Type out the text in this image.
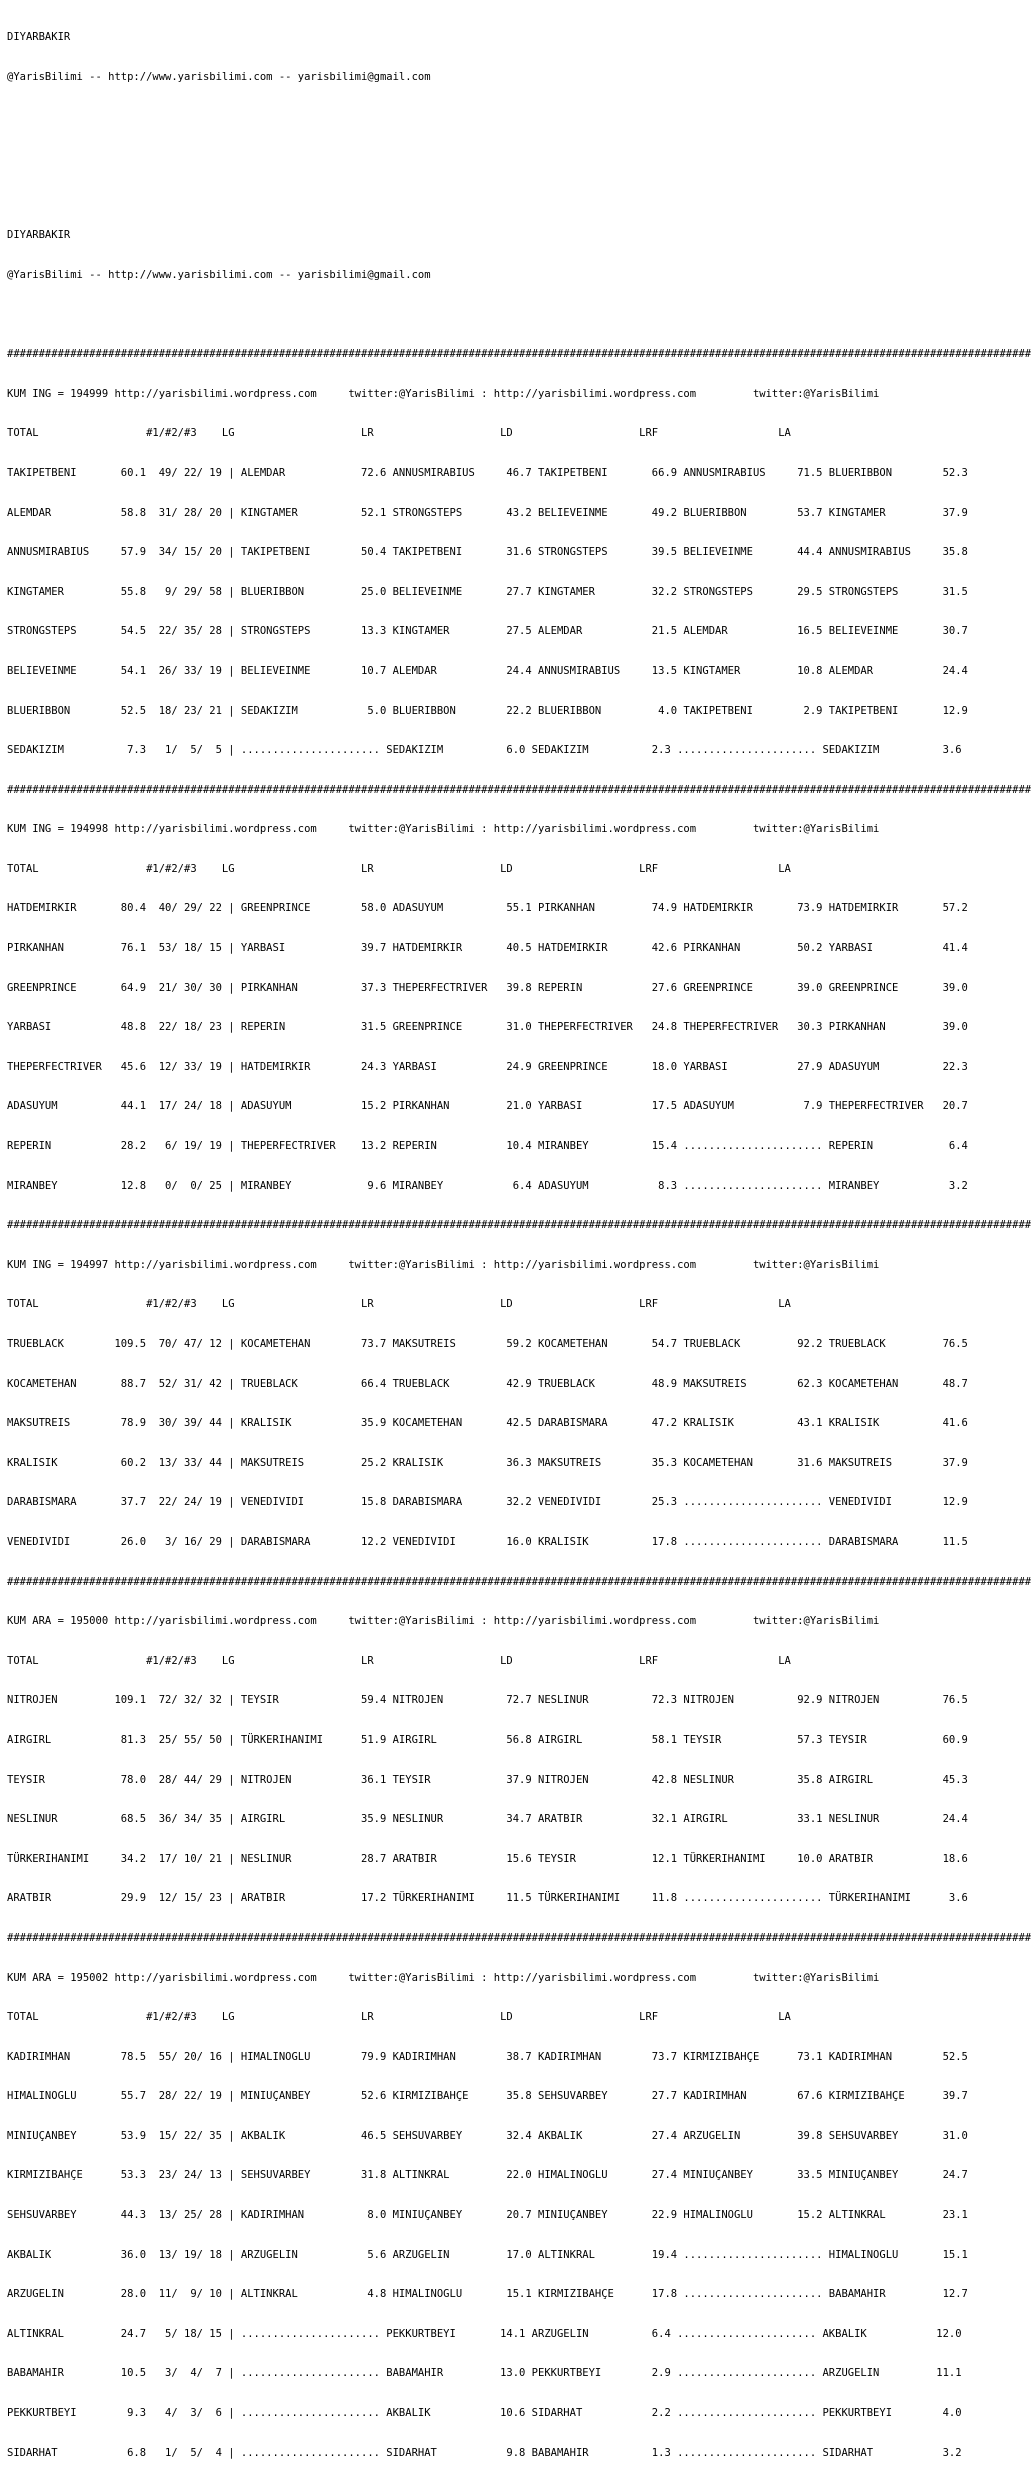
DIYARBAKIR

@YarisBilimi -- http://www.yarisbilimi.com -- yarisbilimi@gmail.com

DIYARBAKIR

@YarisBilimi -- http://www.yarisbilimi.com -- yarisbilimi@gmail.com

##################################################################################################################################################################

KUM ING = 194999 http://yarisbilimi.wordpress.com     twitter:@YarisBilimi : http://yarisbilimi.wordpress.com         twitter:@YarisBilimi

TOTAL                 #1/#2/#3    LG                    LR                    LD                    LRF                   LA

TAKIPETBENI       60.1  49/ 22/ 19 | ALEMDAR            72.6 ANNUSMIRABIUS     46.7 TAKIPETBENI       66.9 ANNUSMIRABIUS     71.5 BLUERIBBON        52.3

ALEMDAR           58.8  31/ 28/ 20 | KINGTAMER          52.1 STRONGSTEPS       43.2 BELIEVEINME       49.2 BLUERIBBON        53.7 KINGTAMER         37.9

ANNUSMIRABIUS     57.9  34/ 15/ 20 | TAKIPETBENI        50.4 TAKIPETBENI       31.6 STRONGSTEPS       39.5 BELIEVEINME       44.4 ANNUSMIRABIUS     35.8

KINGTAMER         55.8   9/ 29/ 58 | BLUERIBBON         25.0 BELIEVEINME       27.7 KINGTAMER         32.2 STRONGSTEPS       29.5 STRONGSTEPS       31.5

STRONGSTEPS       54.5  22/ 35/ 28 | STRONGSTEPS        13.3 KINGTAMER         27.5 ALEMDAR           21.5 ALEMDAR           16.5 BELIEVEINME       30.7

BELIEVEINME       54.1  26/ 33/ 19 | BELIEVEINME        10.7 ALEMDAR           24.4 ANNUSMIRABIUS     13.5 KINGTAMER         10.8 ALEMDAR           24.4

BLUERIBBON        52.5  18/ 23/ 21 | SEDAKIZIM           5.0 BLUERIBBON        22.2 BLUERIBBON         4.0 TAKIPETBENI        2.9 TAKIPETBENI       12.9

SEDAKIZIM          7.3   1/  5/  5 | ...................... SEDAKIZIM          6.0 SEDAKIZIM          2.3 ...................... SEDAKIZIM          3.6

##################################################################################################################################################################

KUM ING = 194998 http://yarisbilimi.wordpress.com     twitter:@YarisBilimi : http://yarisbilimi.wordpress.com         twitter:@YarisBilimi

TOTAL                 #1/#2/#3    LG                    LR                    LD                    LRF                   LA

HATDEMIRKIR       80.4  40/ 29/ 22 | GREENPRINCE        58.0 ADASUYUM          55.1 PIRKANHAN         74.9 HATDEMIRKIR       73.9 HATDEMIRKIR       57.2

PIRKANHAN         76.1  53/ 18/ 15 | YARBASI            39.7 HATDEMIRKIR       40.5 HATDEMIRKIR       42.6 PIRKANHAN         50.2 YARBASI           41.4

GREENPRINCE       64.9  21/ 30/ 30 | PIRKANHAN          37.3 THEPERFECTRIVER   39.8 REPERIN           27.6 GREENPRINCE       39.0 GREENPRINCE       39.0

YARBASI           48.8  22/ 18/ 23 | REPERIN            31.5 GREENPRINCE       31.0 THEPERFECTRIVER   24.8 THEPERFECTRIVER   30.3 PIRKANHAN         39.0

THEPERFECTRIVER   45.6  12/ 33/ 19 | HATDEMIRKIR        24.3 YARBASI           24.9 GREENPRINCE       18.0 YARBASI           27.9 ADASUYUM          22.3

ADASUYUM          44.1  17/ 24/ 18 | ADASUYUM           15.2 PIRKANHAN         21.0 YARBASI           17.5 ADASUYUM           7.9 THEPERFECTRIVER   20.7

REPERIN           28.2   6/ 19/ 19 | THEPERFECTRIVER    13.2 REPERIN           10.4 MIRANBEY          15.4 ...................... REPERIN            6.4

MIRANBEY          12.8   0/  0/ 25 | MIRANBEY            9.6 MIRANBEY           6.4 ADASUYUM           8.3 ...................... MIRANBEY           3.2

##################################################################################################################################################################

KUM ING = 194997 http://yarisbilimi.wordpress.com     twitter:@YarisBilimi : http://yarisbilimi.wordpress.com         twitter:@YarisBilimi

TOTAL                 #1/#2/#3    LG                    LR                    LD                    LRF                   LA

TRUEBLACK        109.5  70/ 47/ 12 | KOCAMETEHAN        73.7 MAKSUTREIS        59.2 KOCAMETEHAN       54.7 TRUEBLACK         92.2 TRUEBLACK         76.5

KOCAMETEHAN       88.7  52/ 31/ 42 | TRUEBLACK          66.4 TRUEBLACK         42.9 TRUEBLACK         48.9 MAKSUTREIS        62.3 KOCAMETEHAN       48.7

MAKSUTREIS        78.9  30/ 39/ 44 | KRALISIK           35.9 KOCAMETEHAN       42.5 DARABISMARA       47.2 KRALISIK          43.1 KRALISIK          41.6

KRALISIK          60.2  13/ 33/ 44 | MAKSUTREIS         25.2 KRALISIK          36.3 MAKSUTREIS        35.3 KOCAMETEHAN       31.6 MAKSUTREIS        37.9

DARABISMARA       37.7  22/ 24/ 19 | VENEDIVIDI         15.8 DARABISMARA       32.2 VENEDIVIDI        25.3 ...................... VENEDIVIDI        12.9

VENEDIVIDI        26.0   3/ 16/ 29 | DARABISMARA        12.2 VENEDIVIDI        16.0 KRALISIK          17.8 ...................... DARABISMARA       11.5

##################################################################################################################################################################

KUM ARA = 195000 http://yarisbilimi.wordpress.com     twitter:@YarisBilimi : http://yarisbilimi.wordpress.com         twitter:@YarisBilimi

TOTAL                 #1/#2/#3    LG                    LR                    LD                    LRF                   LA

NITROJEN         109.1  72/ 32/ 32 | TEYSIR             59.4 NITROJEN          72.7 NESLINUR          72.3 NITROJEN          92.9 NITROJEN          76.5

AIRGIRL           81.3  25/ 55/ 50 | TÜRKERIHANIMI      51.9 AIRGIRL           56.8 AIRGIRL           58.1 TEYSIR            57.3 TEYSIR            60.9

TEYSIR            78.0  28/ 44/ 29 | NITROJEN           36.1 TEYSIR            37.9 NITROJEN          42.8 NESLINUR          35.8 AIRGIRL           45.3

NESLINUR          68.5  36/ 34/ 35 | AIRGIRL            35.9 NESLINUR          34.7 ARATBIR           32.1 AIRGIRL           33.1 NESLINUR          24.4

TÜRKERIHANIMI     34.2  17/ 10/ 21 | NESLINUR           28.7 ARATBIR           15.6 TEYSIR            12.1 TÜRKERIHANIMI     10.0 ARATBIR           18.6

ARATBIR           29.9  12/ 15/ 23 | ARATBIR            17.2 TÜRKERIHANIMI     11.5 TÜRKERIHANIMI     11.8 ...................... TÜRKERIHANIMI      3.6

##################################################################################################################################################################

KUM ARA = 195002 http://yarisbilimi.wordpress.com     twitter:@YarisBilimi : http://yarisbilimi.wordpress.com         twitter:@YarisBilimi

TOTAL                 #1/#2/#3    LG                    LR                    LD                    LRF                   LA

KADIRIMHAN        78.5  55/ 20/ 16 | HIMALINOGLU        79.9 KADIRIMHAN        38.7 KADIRIMHAN        73.7 KIRMIZIBAHÇE      73.1 KADIRIMHAN        52.5

HIMALINOGLU       55.7  28/ 22/ 19 | MINIUÇANBEY        52.6 KIRMIZIBAHÇE      35.8 SEHSUVARBEY       27.7 KADIRIMHAN        67.6 KIRMIZIBAHÇE      39.7

MINIUÇANBEY       53.9  15/ 22/ 35 | AKBALIK            46.5 SEHSUVARBEY       32.4 AKBALIK           27.4 ARZUGELIN         39.8 SEHSUVARBEY       31.0

KIRMIZIBAHÇE      53.3  23/ 24/ 13 | SEHSUVARBEY        31.8 ALTINKRAL         22.0 HIMALINOGLU       27.4 MINIUÇANBEY       33.5 MINIUÇANBEY       24.7

SEHSUVARBEY       44.3  13/ 25/ 28 | KADIRIMHAN          8.0 MINIUÇANBEY       20.7 MINIUÇANBEY       22.9 HIMALINOGLU       15.2 ALTINKRAL         23.1

AKBALIK           36.0  13/ 19/ 18 | ARZUGELIN           5.6 ARZUGELIN         17.0 ALTINKRAL         19.4 ...................... HIMALINOGLU       15.1

ARZUGELIN         28.0  11/  9/ 10 | ALTINKRAL           4.8 HIMALINOGLU       15.1 KIRMIZIBAHÇE      17.8 ...................... BABAMAHIR         12.7

ALTINKRAL         24.7   5/ 18/ 15 | ...................... PEKKURTBEYI       14.1 ARZUGELIN          6.4 ...................... AKBALIK           12.0

BABAMAHIR         10.5   3/  4/  7 | ...................... BABAMAHIR         13.0 PEKKURTBEYI        2.9 ...................... ARZUGELIN         11.1

PEKKURTBEYI        9.3   4/  3/  6 | ...................... AKBALIK           10.6 SIDARHAT           2.2 ...................... PEKKURTBEYI        4.0

SIDARHAT           6.8   1/  5/  4 | ...................... SIDARHAT           9.8 BABAMAHIR          1.3 ...................... SIDARHAT           3.2
